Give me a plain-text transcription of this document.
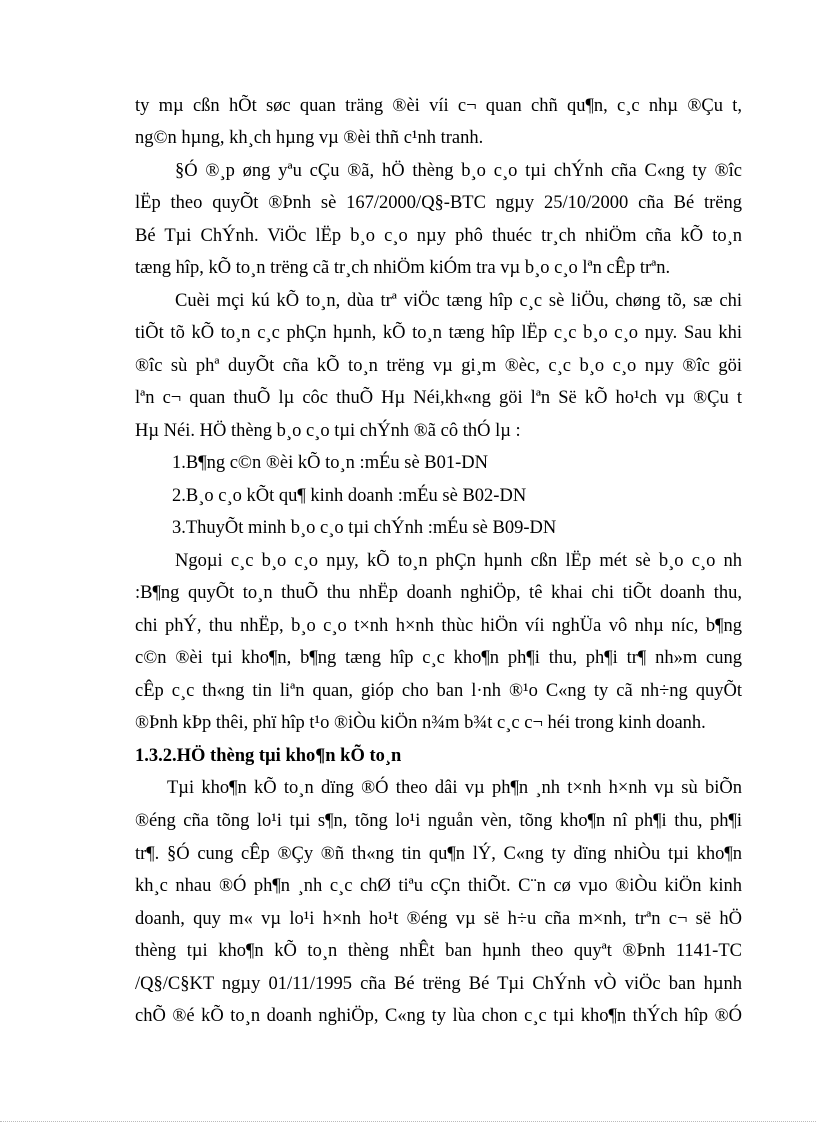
ty mµ cßn hÕt søc quan träng ®èi víi c¬ quan chñ qu¶n, c¸c nhµ ®Çu t,

ng©n hµng, kh¸ch hµng vµ ®èi thñ c¹nh tranh.

§Ó ®¸p øng yªu cÇu ®ã, hÖ thèng b¸o c¸o tµi chÝnh cña C«ng ty ®îc

lËp theo quyÕt ®Þnh sè 167/2000/Q§-BTC ngµy 25/10/2000 cña Bé trëng

Bé Tµi ChÝnh. ViÖc lËp b¸o c¸o nµy phô thuéc tr¸ch nhiÖm cña kÕ to¸n

tæng hîp, kÕ to¸n trëng cã tr¸ch nhiÖm kiÓm tra vµ b¸o c¸o lªn cÊp trªn.

Cuèi mçi kú kÕ to¸n, dùa trª viÖc tæng hîp c¸c sè liÖu, chøng tõ, sæ chi

tiÕt tõ kÕ to¸n c¸c phÇn hµnh, kÕ to¸n tæng hîp lËp c¸c b¸o c¸o nµy. Sau khi

®îc sù phª duyÕt cña kÕ to¸n trëng vµ gi¸m ®èc, c¸c b¸o c¸o nµy ®îc göi

lªn c¬ quan thuÕ lµ côc thuÕ Hµ Néi,kh«ng göi lªn Së kÕ ho¹ch vµ ®Çu t

Hµ Néi. HÖ thèng b¸o c¸o tµi chÝnh ®ã cô thÓ lµ :

1.B¶ng c©n ®èi kÕ to¸n :mÉu sè B01-DN

2.B¸o c¸o kÕt qu¶ kinh doanh :mÉu sè B02-DN

3.ThuyÕt minh b¸o c¸o tµi chÝnh :mÉu sè B09-DN

Ngoµi c¸c b¸o c¸o nµy, kÕ to¸n phÇn hµnh cßn lËp mét sè b¸o c¸o nh

:B¶ng quyÕt to¸n thuÕ thu nhËp doanh nghiÖp, tê khai chi tiÕt doanh thu,

chi phÝ, thu nhËp, b¸o c¸o t×nh h×nh thùc hiÖn víi nghÜa vô nhµ níc, b¶ng

c©n ®èi tµi kho¶n, b¶ng tæng hîp c¸c kho¶n ph¶i thu, ph¶i tr¶ nh»m cung

cÊp c¸c th«ng tin liªn quan, gióp cho ban l·nh ®¹o C«ng ty cã nh÷ng quyÕt

®Þnh kÞp thêi, phï hîp t¹o ®iÒu kiÖn n¾m b¾t c¸c c¬ héi trong kinh doanh.

1.3.2.HÖ thèng tµi kho¶n kÕ to¸n

Tµi kho¶n kÕ to¸n dïng ®Ó theo dâi vµ ph¶n ¸nh t×nh h×nh vµ sù biÕn

®éng cña tõng lo¹i tµi s¶n, tõng lo¹i nguån vèn, tõng kho¶n nî ph¶i thu, ph¶i

tr¶. §Ó cung cÊp ®Çy ®ñ th«ng tin qu¶n lÝ, C«ng ty dïng nhiÒu tµi kho¶n

kh¸c nhau ®Ó ph¶n ¸nh c¸c chØ tiªu cÇn thiÕt. C¨n cø vµo ®iÒu kiÖn kinh

doanh, quy m« vµ lo¹i h×nh ho¹t ®éng vµ së h÷u cña m×nh, trªn c¬ së hÖ

thèng tµi kho¶n kÕ to¸n thèng nhÊt ban hµnh theo quyªt ®Þnh 1141-TC

/Q§/C§KT ngµy 01/11/1995 cña Bé trëng Bé Tµi ChÝnh vÒ viÖc ban hµnh

chÕ ®é kÕ to¸n doanh nghiÖp, C«ng ty lùa chon c¸c tµi kho¶n thÝch hîp ®Ó
